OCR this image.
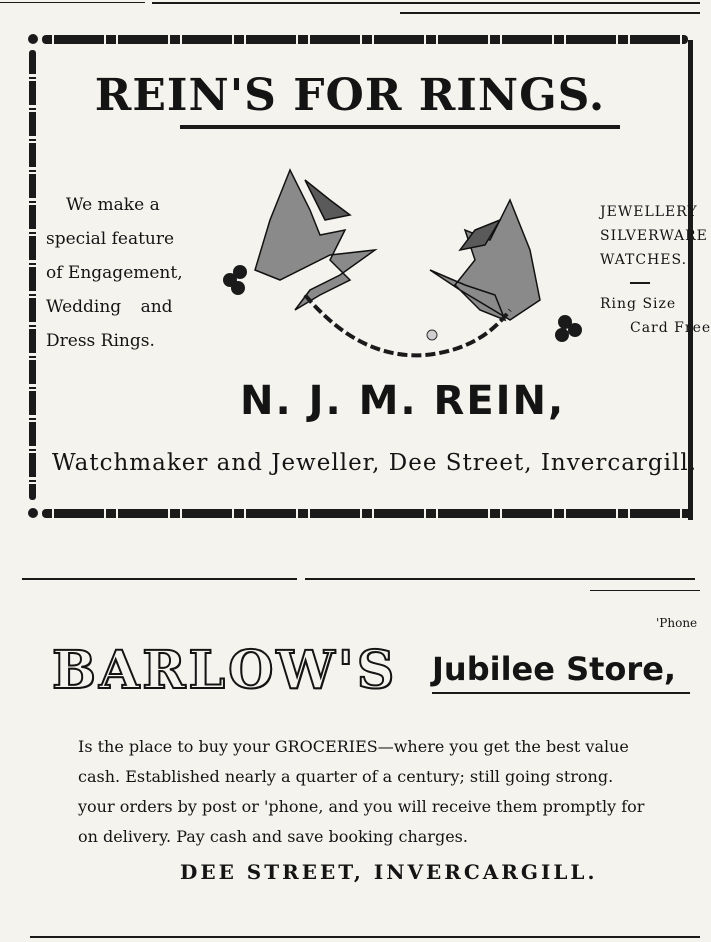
REIN'S FOR RINGS.
We make a
special feature
of Engagement,
Wedding and
Dress Rings.
JEWELLERY
SILVERWARE
WATCHES.
Ring Size
Card Free
N. J. M. REIN,
Watchmaker and Jeweller, Dee Street, Invercargill.
'Phone
BARLOW'S Jubilee Store,
Is the place to buy your GROCERIES—where you get the best value
cash. Established nearly a quarter of a century; still going strong.
your orders by post or 'phone, and you will receive them promptly for
on delivery. Pay cash and save booking charges.
DEE STREET, INVERCARGILL.
